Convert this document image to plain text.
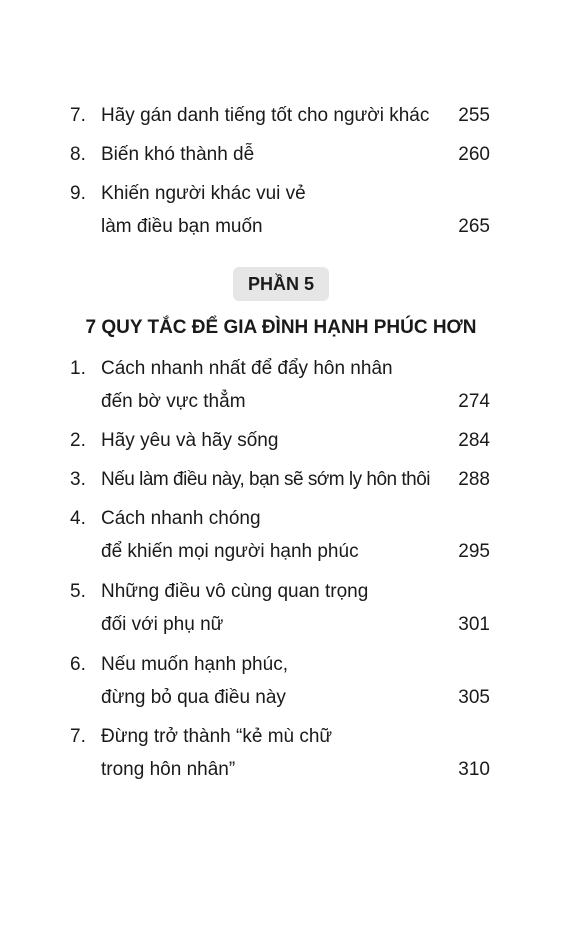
7. Hãy gán danh tiếng tốt cho người khác 255
8. Biến khó thành dễ	260
9. Khiến người khác vui vẻ
làm điều bạn muốn	265
PHẦN 5
7 QUY TẮC ĐỂ GIA ĐÌNH HẠNH PHÚC HƠN
1. Cách nhanh nhất để đẩy hôn nhân
đến bờ vực thẳm	274
2. Hãy yêu và hãy sống	284
3. Nếu làm điều này, bạn sẽ sớm ly hôn thôi 288
4. Cách nhanh chóng
để khiến mọi người hạnh phúc	295
5. Những điều vô cùng quan trọng
đối với phụ nữ	301
6. Nếu muốn hạnh phúc,
đừng bỏ qua điều này	305
7. Đừng trở thành “kẻ mù chữ
trong hôn nhân”	310
